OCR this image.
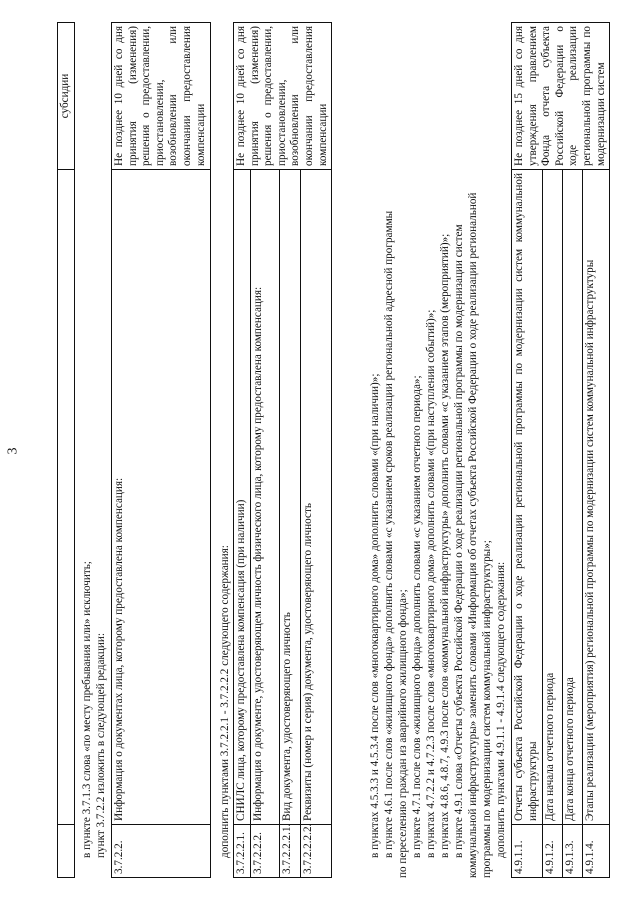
3
		субсидии

в пункте 3.7.1.3 слова «по месту пребывания или» исключить; пункт 3.7.2.2 изложить в следующей редакции: 3.7.2.2.	Информация о документах лица, которому предоставлена компенсация:	Не позднее 10 дней со дня принятия (изменения) решения о предоставлении, приостановлении, возобновлении или окончании предоставления компенсации

дополнить пунктами 3.7.2.2.1 - 3.7.2.2.2 следующего содержания: 3.7.2.2.1.	СНИЛС лица, которому предоставлена компенсация (при наличии)	Не позднее 10 дней со дня принятия (изменения) решения о предоставлении, приостановлении, возобновлении или окончании предоставления компенсации
3.7.2.2.2.	Информация о документе, удостоверяющем личность физического лица, которому предоставлена компенсация:	
3.7.2.2.2.1.	Вид документа, удостоверяющего личность	
3.7.2.2.2.2.	Реквизиты (номер и серия) документа, удостоверяющего личность		в пунктах 4.5.3.3 и 4.5.3.4 после слов «многоквартирного дома» дополнить словами «(при наличии)»; в пункте 4.6.1 после слов «жилищного фонда» дополнить словами «с указанием сроков реализации региональной адресной программы по переселению граждан из аварийного жилищного фонда»; в пункте 4.7.1 после слов «жилищного фонда» дополнить словами «с указанием отчетного периода»; в пунктах 4.7.2.2 и 4.7.2.3 после слов «многоквартирного дома» дополнить словами «(при наступлении событий)»; в пунктах 4.8.6, 4.8.7, 4.9.3 после слов «коммунальной инфраструктуры» дополнить словами «с указанием этапов (мероприятий)»; в пункте 4.9.1 слова «Отчеты субъекта Российской Федерации о ходе реализации региональной программы по модернизации систем коммунальной инфраструктуры» заменить словами «Информация об отчетах субъекта Российской Федерации о ходе реализации региональной программы по модернизации систем коммунальной инфраструктуры»; дополнить пунктами 4.9.1.1 - 4.9.1.4 следующего содержания: 4.9.1.1.	Отчеты субъекта Российской Федерации о ходе реализации региональной программы по модернизации систем коммунальной инфраструктуры	Не позднее 15 дней со дня утверждения правлением Фонда отчета субъекта Российской Федерации о ходе реализации региональной программы по модернизации систем
4.9.1.2.	Дата начала отчетного периода	
4.9.1.3.	Дата конца отчетного периода	
4.9.1.4.	Этапы реализации (мероприятия) региональной программы по модернизации систем коммунальной инфраструктуры	
